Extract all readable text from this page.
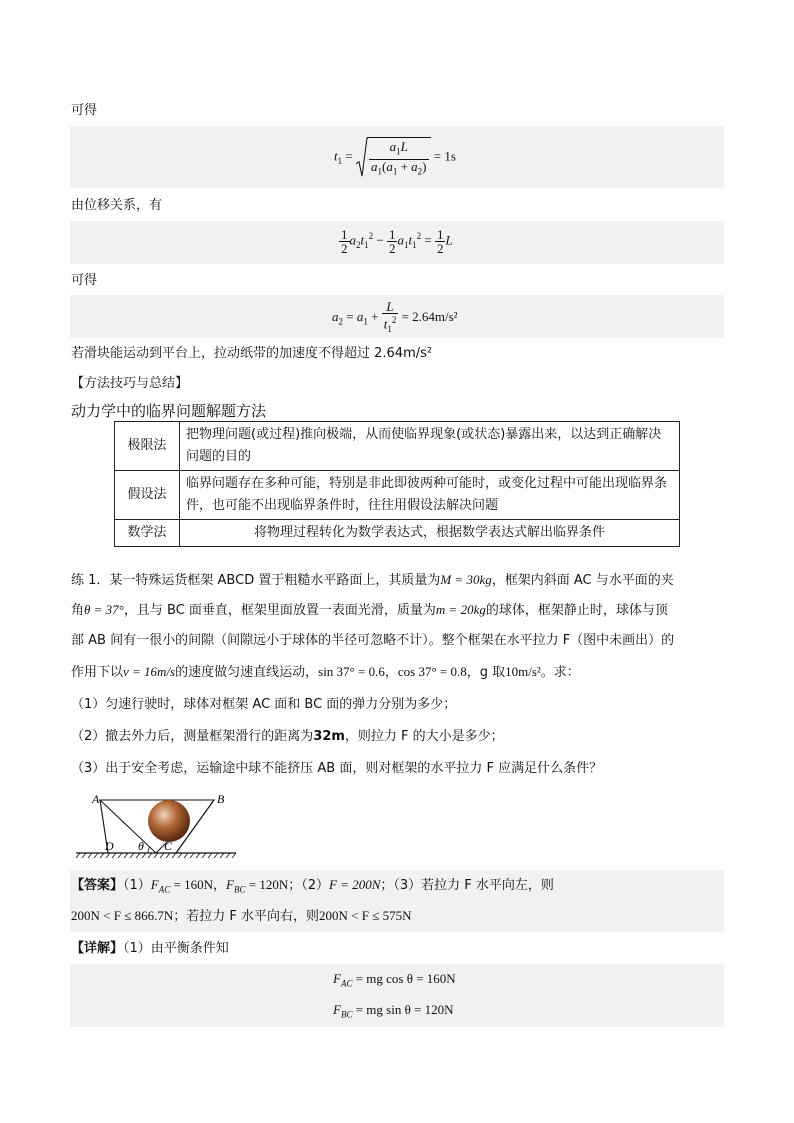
可得
$t_1 = \frac{a_1L}{a_1(a_1 + a_2)} = 1s$
由位移关系，有
$\frac{1}{2} a_2t_1^2 - \frac{1}{2} a_1t_1^2 = \frac{1}{2}$ L
可得
$a_2 = a_1 + \frac{L}{t_1^2} = 2.64m/s^2$
若滑块能运动到平台上，拉动纸带的加速度不得超过 2.64m/s²
【方法技巧与总结】
动力学中的临界问题解题方法
极限法	把物理问题(或过程)推向极端，从而使临界现象(或状态)暴露出来，以达到正确解决问题的目的
假设法	临界问题存在多种可能，特别是非此即彼两种可能时，或变化过程中可能出现临界条件，也可能不出现临界条件时，往往用假设法解决问题
数学法	将物理过程转化为数学表达式，根据数学表达式解出临界条件
练 1．某一特殊运货框架 ABCD 置于粗糙水平路面上，其质量为M = 30kg，框架内斜面 AC 与水平面的夹
角θ = 37°，且与 BC 面垂直，框架里面放置一表面光滑，质量为m = 20kg的球体，框架静止时，球体与顶
部 AB 间有一很小的间隙（间隙远小于球体的半径可忽略不计）。整个框架在水平拉力 F（图中未画出）的
作用下以v = 16m/s的速度做匀速直线运动，sin 37° = 0.6，cos 37° = 0.8，g 取10m/s²。求：
（1）匀速行驶时，球体对框架 AC 面和 BC 面的弹力分别为多少；
（2）撤去外力后，测量框架滑行的距离为32m，则拉力 F 的大小是多少；
（3）出于安全考虑，运输途中球不能挤压 AB 面，则对框架的水平拉力 F 应满足什么条件？
A	B
D θ C
【答案】$(1)F_{AC} = 160N$，$F_{BC} = 120N$；（2）F = 200N；（3）若拉力 F 水平向左，则
200N < F ≤ 866.7N；若拉力 F 水平向右，则200N < F ≤ 575N
【详解】（1）由平衡条件知
$F_{AC}$ = mg cos θ = 160N
$F_{BC}$ = mg sin θ = 120N
